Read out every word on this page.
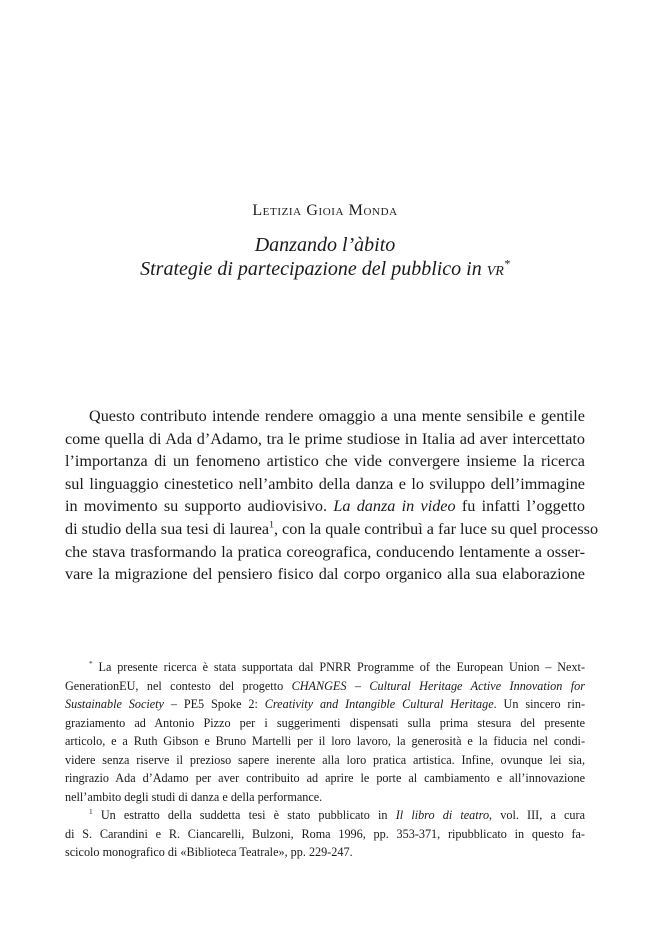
Letizia Gioia Monda
Danzando l’àbito
Strategie di partecipazione del pubblico in vr*
Questo contributo intende rendere omaggio a una mente sensibile e gentile
come quella di Ada d’Adamo, tra le prime studiose in Italia ad aver intercettato
l’importanza di un fenomeno artistico che vide convergere insieme la ricerca
sul linguaggio cinestetico nell’ambito della danza e lo sviluppo dell’immagine
in movimento su supporto audiovisivo. La danza in video fu infatti l’oggetto
di studio della sua tesi di laurea$^1$, con la quale contribuì a far luce su quel processo
che stava trasformando la pratica coreografica, conducendo lentamente a osser-
vare la migrazione del pensiero fisico dal corpo organico alla sua elaborazione
* La presente ricerca è stata supportata dal PNRR Programme of the European Union – Next-
GenerationEU, nel contesto del progetto CHANGES – Cultural Heritage Active Innovation for
Sustainable Society – PE5 Spoke 2: Creativity and Intangible Cultural Heritage. Un sincero rin-
graziamento ad Antonio Pizzo per i suggerimenti dispensati sulla prima stesura del presente
articolo, e a Ruth Gibson e Bruno Martelli per il loro lavoro, la generosità e la fiducia nel condi-
videre senza riserve il prezioso sapere inerente alla loro pratica artistica. Infine, ovunque lei sia,
ringrazio Ada d’Adamo per aver contribuito ad aprire le porte al cambiamento e all’innovazione
nell’ambito degli studi di danza e della performance.
$^1$ Un estratto della suddetta tesi è stato pubblicato in Il libro di teatro, vol. III, a cura
di S. Carandini e R. Ciancarelli, Bulzoni, Roma 1996, pp. 353-371, ripubblicato in questo fa-
scicolo monografico di «Biblioteca Teatrale», pp. 229-247.
